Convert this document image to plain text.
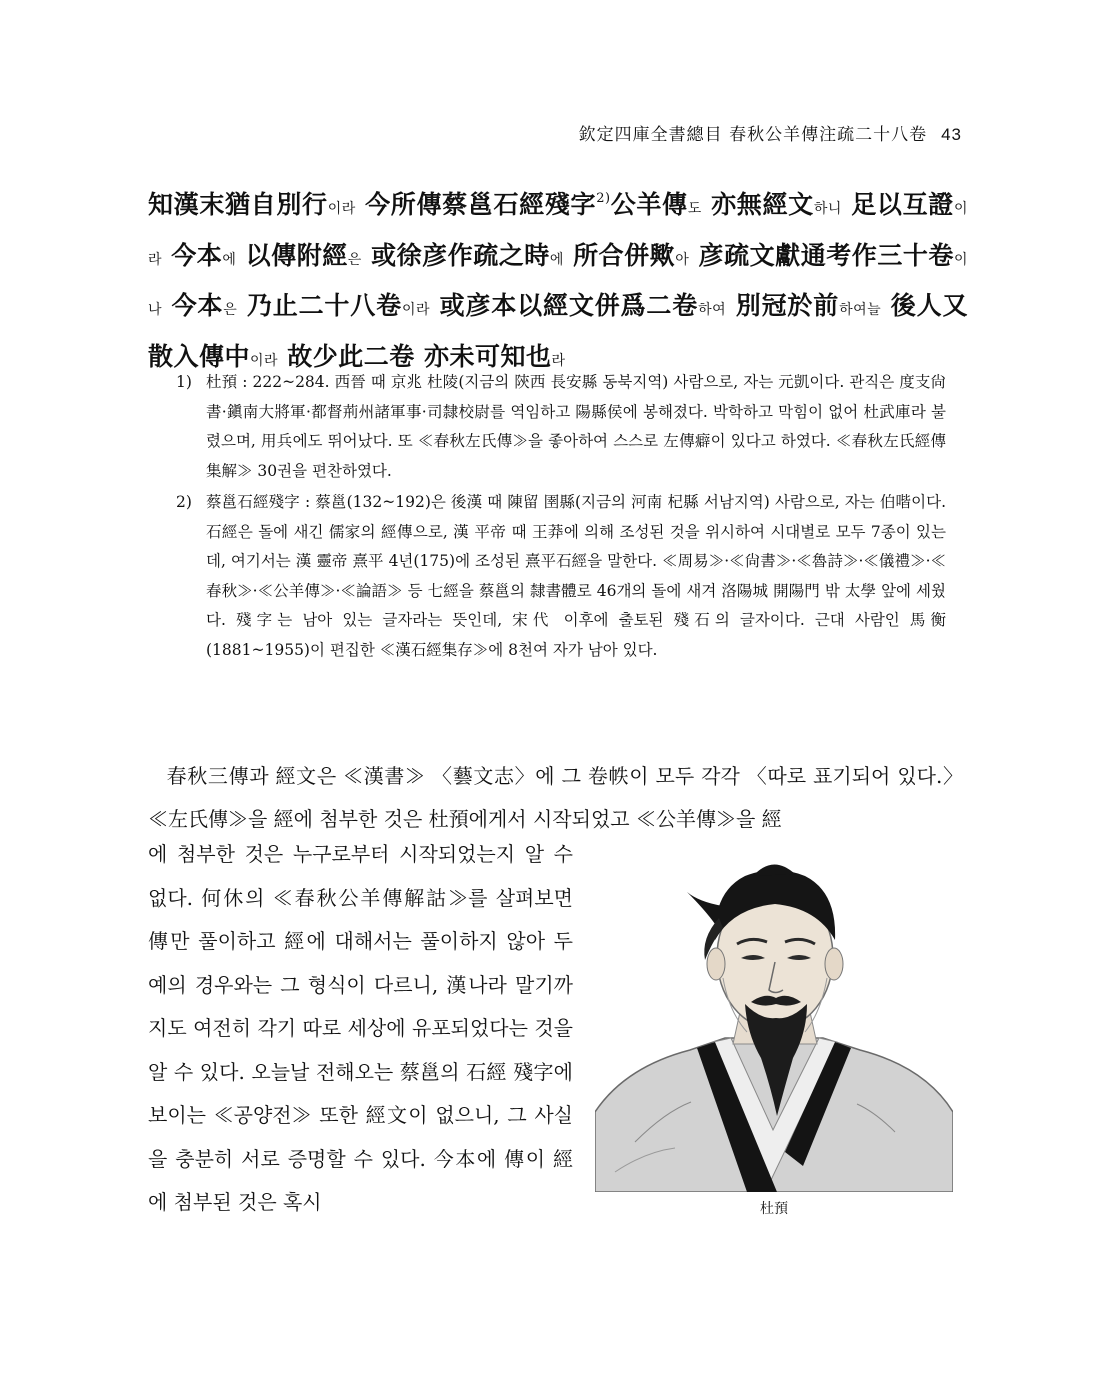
欽定四庫全書總目 春秋公羊傳注疏二十八卷 43
知漢末猶自別行이라 今所傳蔡邕石經殘字$^{2)}$公羊傳도 亦無經文하니 足以互證이라 今本에 以傳附經은 或徐彦作疏之時에 所合併歟아 彦疏文獻通考作三十卷이나 今本은 乃止二十八卷이라 或彦本以經文併爲二卷하여 別冠於前하여늘 後人又散入傳中이라 故少此二卷 亦未可知也라
1) 杜預 : 222~284. 西晉 때 京兆 杜陵(지금의 陝西 長安縣 동북지역) 사람으로, 자는 元凱이다. 관직은 度支尙書·鎭南大將軍·都督荊州諸軍事·司隸校尉를 역임하고 陽縣侯에 봉해졌다. 박학하고 막힘이 없어 杜武庫라 불렸으며, 用兵에도 뛰어났다. 또 ≪春秋左氏傳≫을 좋아하여 스스로 左傳癖이 있다고 하였다. ≪春秋左氏經傳集解≫ 30권을 편찬하였다.
2) 蔡邕石經殘字 : 蔡邕(132~192)은 後漢 때 陳留 圉縣(지금의 河南 杞縣 서남지역) 사람으로, 자는 伯喈이다. 石經은 돌에 새긴 儒家의 經傳으로, 漢 平帝 때 王莽에 의해 조성된 것을 위시하여 시대별로 모두 7종이 있는데, 여기서는 漢 靈帝 熹平 4년(175)에 조성된 熹平石經을 말한다. ≪周易≫·≪尙書≫·≪魯詩≫·≪儀禮≫·≪春秋≫·≪公羊傳≫·≪論語≫ 등 七經을 蔡邕의 隸書體로 46개의 돌에 새겨 洛陽城 開陽門 밖 太學 앞에 세웠다. 殘字는 남아 있는 글자라는 뜻인데, 宋代 이후에 출토된 殘石의 글자이다. 근대 사람인 馬衡(1881~1955)이 편집한 ≪漢石經集存≫에 8천여 자가 남아 있다.
春秋三傳과 經文은 ≪漢書≫ 〈藝文志〉에 그 卷帙이 모두 각각 〈따로 표기되어 있다.〉 ≪左氏傳≫을 經에 첨부한 것은 杜預에게서 시작되었고 ≪公羊傳≫을 經
에 첨부한 것은 누구로부터 시작되었는지 알 수 없다. 何休의 ≪春秋公羊傳解詁≫를 살펴보면 傳만 풀이하고 經에 대해서는 풀이하지 않아 두예의 경우와는 그 형식이 다르니, 漢나라 말기까지도 여전히 각기 따로 세상에 유포되었다는 것을 알 수 있다. 오늘날 전해오는 蔡邕의 石經 殘字에 보이는 ≪공양전≫ 또한 經文이 없으니, 그 사실을 충분히 서로 증명할 수 있다. 今本에 傳이 經에 첨부된 것은 혹시	杜預
